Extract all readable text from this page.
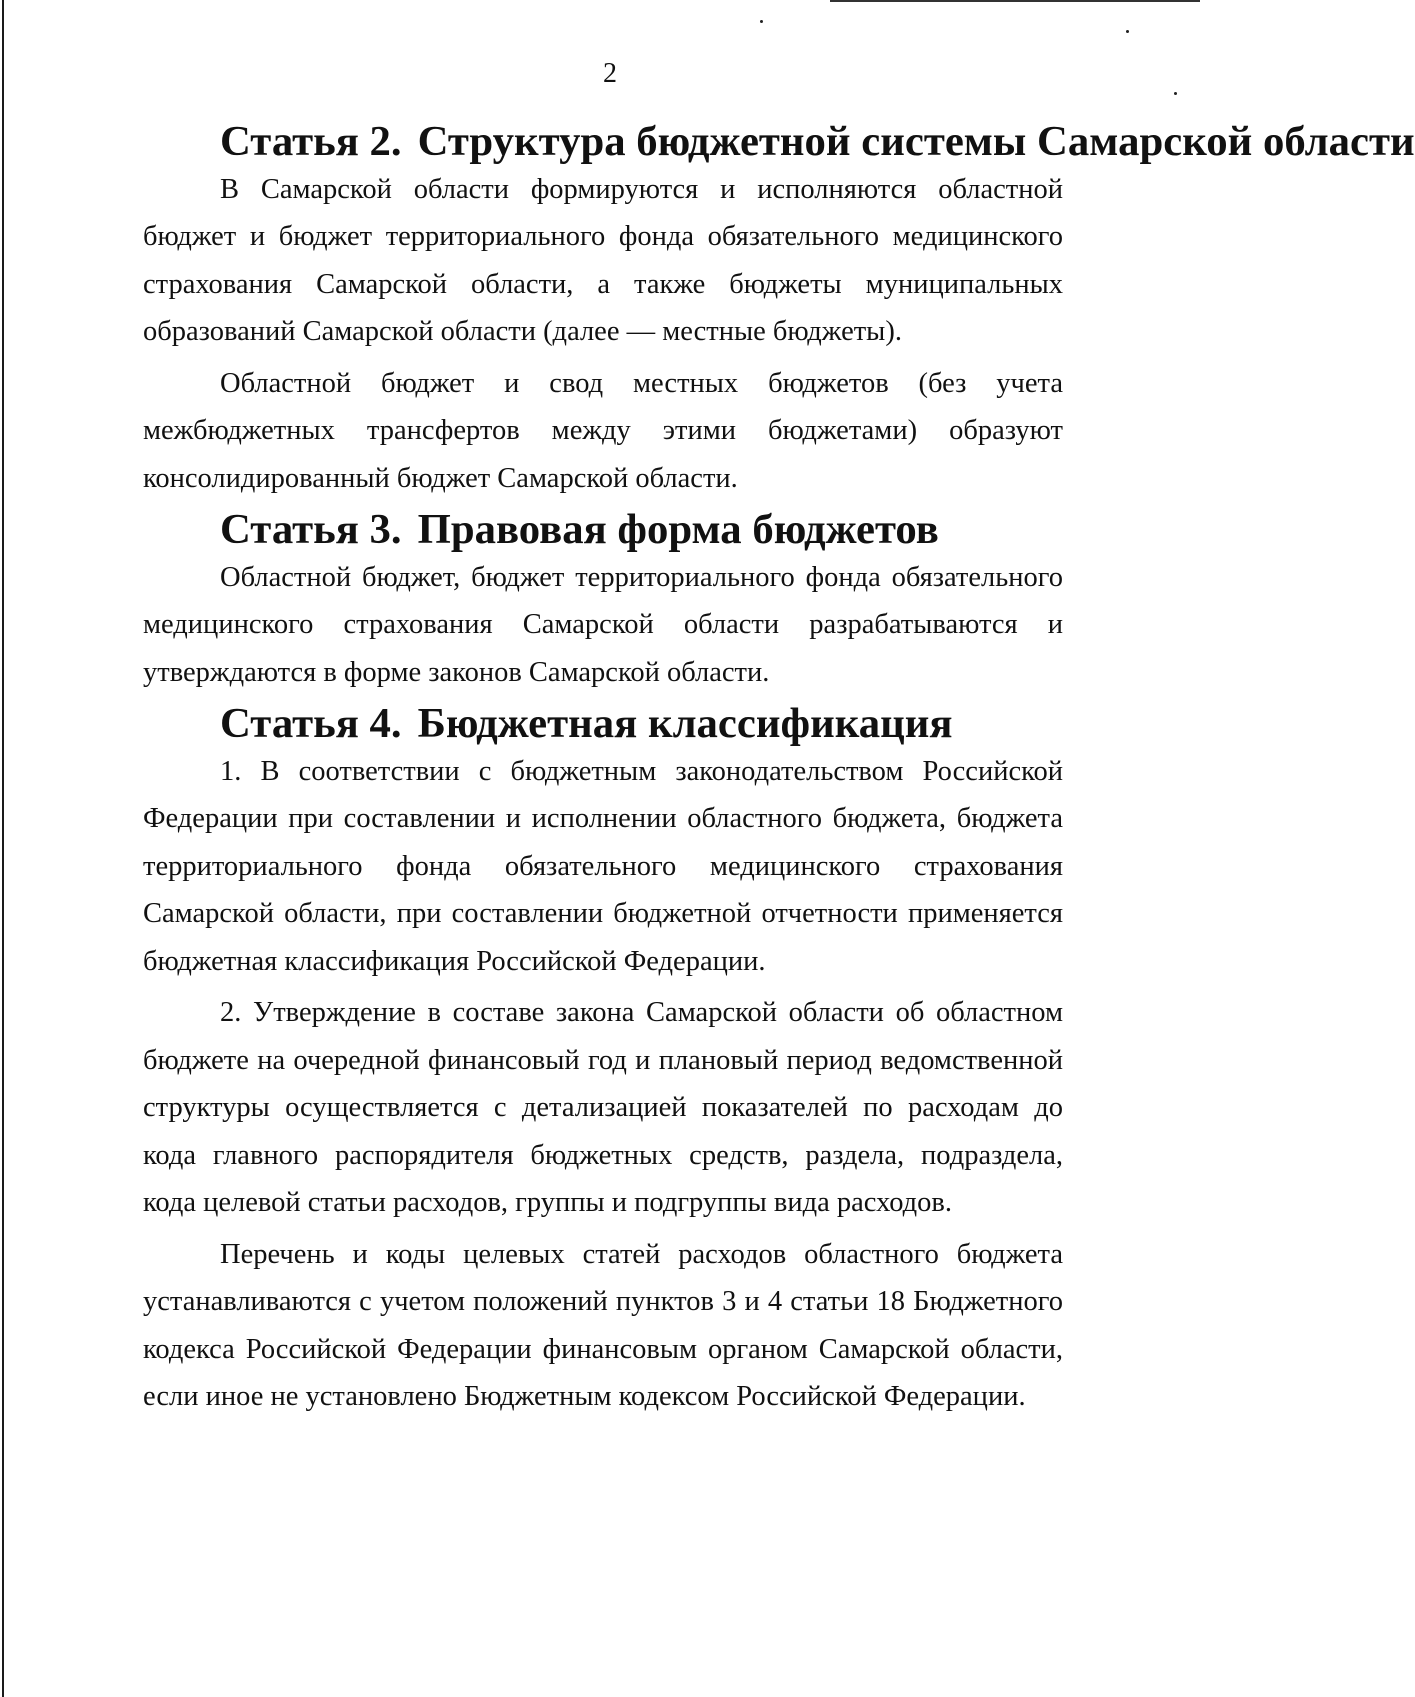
2
Статья 2. Структура бюджетной системы Самарской области

В Самарской области формируются и исполняются областной бюджет и бюджет территориального фонда обязательного медицинского страхования Самарской области, а также бюджеты муниципальных образований Самарской области (далее — местные бюджеты).

Областной бюджет и свод местных бюджетов (без учета межбюджетных трансфертов между этими бюджетами) образуют консолидированный бюджет Самарской области.

Статья 3. Правовая форма бюджетов

Областной бюджет, бюджет территориального фонда обязательного медицинского страхования Самарской области разрабатываются и утверждаются в форме законов Самарской области.

Статья 4. Бюджетная классификация

1. В соответствии с бюджетным законодательством Российской Федерации при составлении и исполнении областного бюджета, бюджета территориального фонда обязательного медицинского страхования Самарской области, при составлении бюджетной отчетности применяется бюджетная классификация Российской Федерации.

2. Утверждение в составе закона Самарской области об областном бюджете на очередной финансовый год и плановый период ведомственной структуры осуществляется с детализацией показателей по расходам до кода главного распорядителя бюджетных средств, раздела, подраздела, кода целевой статьи расходов, группы и подгруппы вида расходов.

Перечень и коды целевых статей расходов областного бюджета устанавливаются с учетом положений пунктов 3 и 4 статьи 18 Бюджетного кодекса Российской Федерации финансовым органом Самарской области, если иное не установлено Бюджетным кодексом Российской Федерации.
